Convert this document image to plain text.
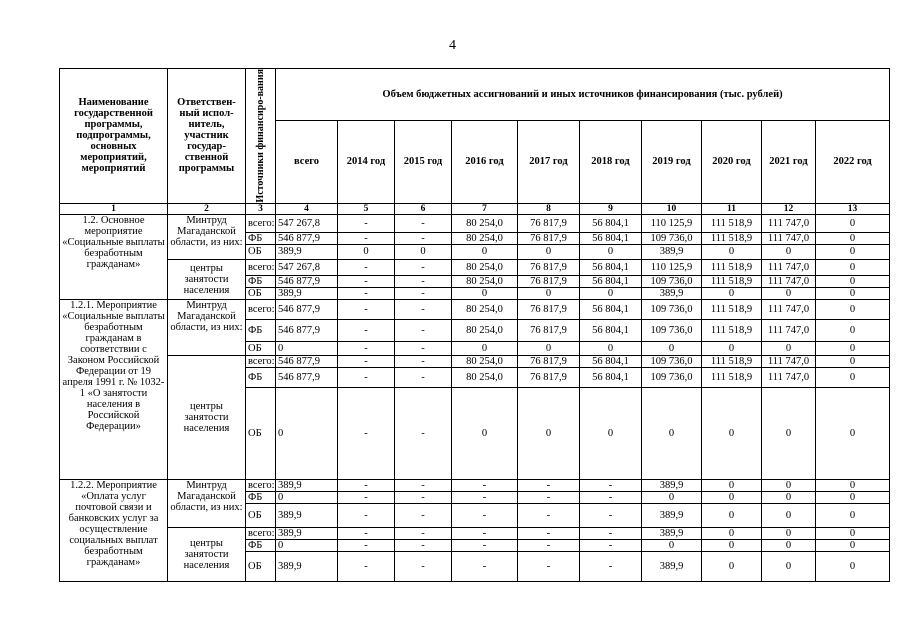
4
Наименование государственной программы, подпрограммы, основных мероприятий, мероприятий	Ответствен-ный испол-нитель, участник государ-ственной программы	Источники финансиро-вания	Объем бюджетных ассигнований и иных источников финансирования (тыс. рублей)									
			всего	2014 год	2015 год	2016 год	2017 год	2018 год	2019 год	2020 год	2021 год	2022 год
1	2	3	4	5	6	7	8	9	10	11	12	13
1.2. Основное мероприятие «Социальные выплаты безработным гражданам»	Минтруд Магаданской области, из них:	всего:	547 267,8	-	-	80 254,0	76 817,9	56 804,1	110 125,9	111 518,9	111 747,0	0
		ФБ	546 877,9	-	-	80 254,0	76 817,9	56 804,1	109 736,0	111 518,9	111 747,0	0
		ОБ	389,9	0	0	0	0	0	389,9	0	0	0
	центры занятости населения	всего:	547 267,8	-	-	80 254,0	76 817,9	56 804,1	110 125,9	111 518,9	111 747,0	0
		ФБ	546 877,9	-	-	80 254,0	76 817,9	56 804,1	109 736,0	111 518,9	111 747,0	0
		ОБ	389,9	-	-	0	0	0	389,9	0	0	0
1.2.1. Мероприятие «Социальные выплаты безработным гражданам в соответствии с Законом Российской Федерации от 19 апреля 1991 г. № 1032-1 «О занятости населения в Российской Федерации»	Минтруд Магаданской области, из них:	всего:	546 877,9	-	-	80 254,0	76 817,9	56 804,1	109 736,0	111 518,9	111 747,0	0
		ФБ	546 877,9	-	-	80 254,0	76 817,9	56 804,1	109 736,0	111 518,9	111 747,0	0
		ОБ	0	-	-	0	0	0	0	0	0	0
	центры занятости населения	всего:	546 877,9	-	-	80 254,0	76 817,9	56 804,1	109 736,0	111 518,9	111 747,0	0
		ФБ	546 877,9	-	-	80 254,0	76 817,9	56 804,1	109 736,0	111 518,9	111 747,0	0
		ОБ	0	-	-	0	0	0	0	0	0	0
1.2.2. Мероприятие «Оплата услуг почтовой связи и банковских услуг за осуществление социальных выплат безработным гражданам»	Минтруд Магаданской области, из них:	всего:	389,9	-	-	-	-	-	389,9	0	0	0
		ФБ	0	-	-	-	-	-	0	0	0	0
		ОБ	389,9	-	-	-	-	-	389,9	0	0	0
	центры занятости населения	всего:	389,9	-	-	-	-	-	389,9	0	0	0
		ФБ	0	-	-	-	-	-	0	0	0	0
		ОБ	389,9	-	-	-	-	-	389,9	0	0	0
